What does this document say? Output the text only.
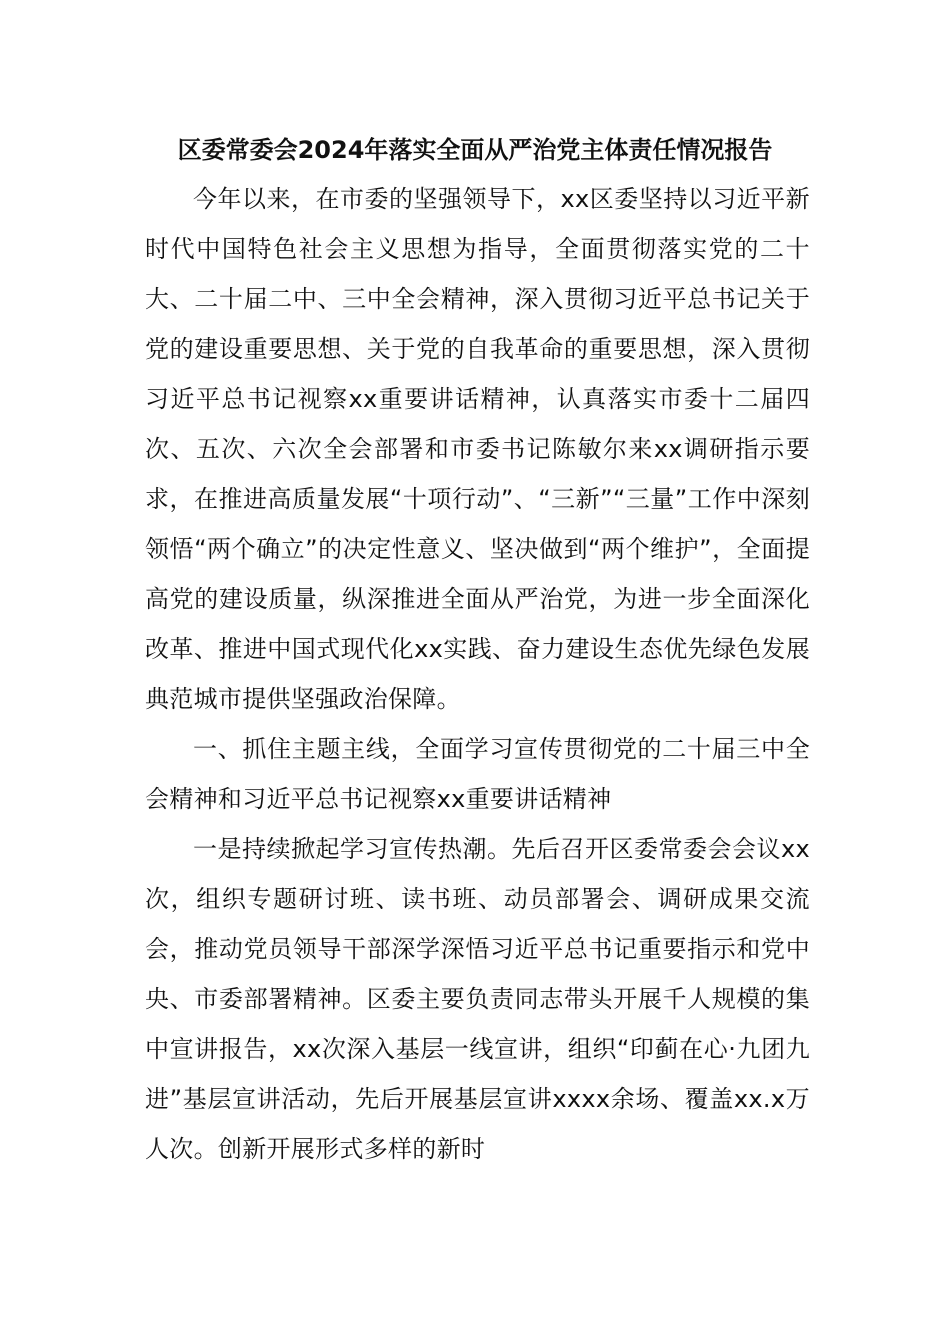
区委常委会2024年落实全面从严治党主体责任情况报告

今年以来，在市委的坚强领导下，xx区委坚持以习近平新时代中国特色社会主义思想为指导，全面贯彻落实党的二十大、二十届二中、三中全会精神，深入贯彻习近平总书记关于党的建设重要思想、关于党的自我革命的重要思想，深入贯彻习近平总书记视察xx重要讲话精神，认真落实市委十二届四次、五次、六次全会部署和市委书记陈敏尔来xx调研指示要求，在推进高质量发展“十项行动”、“三新”“三量”工作中深刻领悟“两个确立”的决定性意义、坚决做到“两个维护”，全面提高党的建设质量，纵深推进全面从严治党，为进一步全面深化改革、推进中国式现代化xx实践、奋力建设生态优先绿色发展典范城市提供坚强政治保障。

一、抓住主题主线，全面学习宣传贯彻党的二十届三中全会精神和习近平总书记视察xx重要讲话精神

一是持续掀起学习宣传热潮。先后召开区委常委会会议xx次，组织专题研讨班、读书班、动员部署会、调研成果交流会，推动党员领导干部深学深悟习近平总书记重要指示和党中央、市委部署精神。区委主要负责同志带头开展千人规模的集中宣讲报告，xx次深入基层一线宣讲，组织“印蓟在心·九团九进”基层宣讲活动，先后开展基层宣讲xxxx余场、覆盖xx.x万人次。创新开展形式多样的新时
